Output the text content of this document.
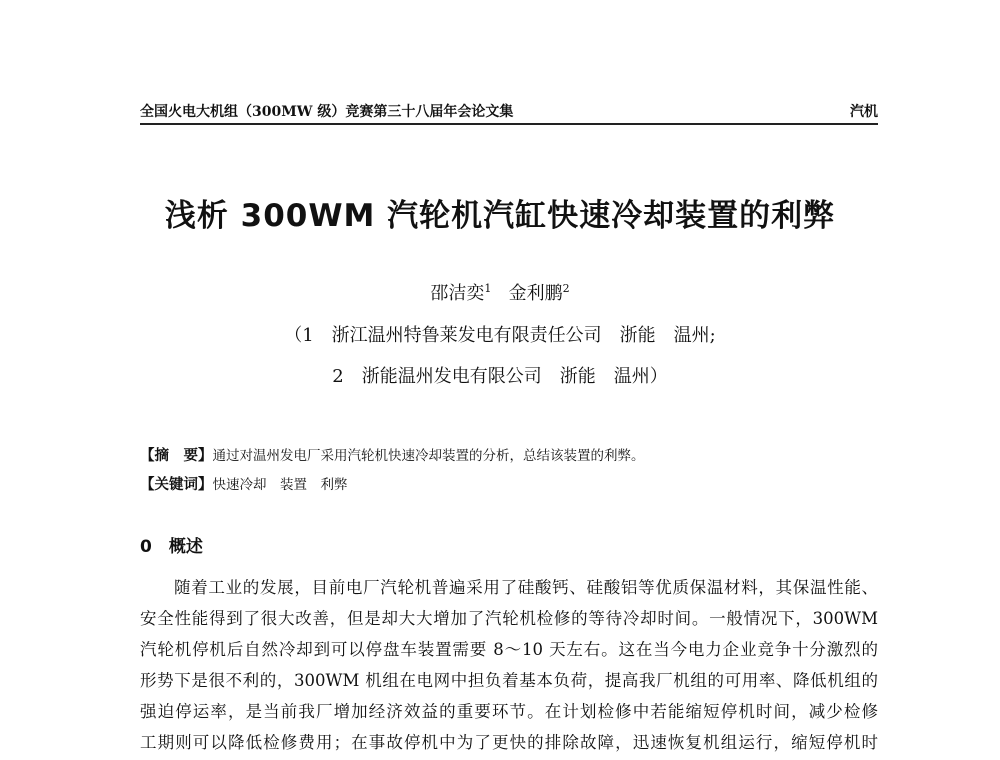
全国火电大机组（300MW 级）竞赛第三十八届年会论文集	汽机
浅析 300WM 汽轮机汽缸快速冷却装置的利弊
邵洁奕$^1$ 金利鹏$^2$
（1　浙江温州特鲁莱发电有限责任公司　浙能　温州;
2　浙能温州发电有限公司　浙能　温州）
【摘　要】通过对温州发电厂采用汽轮机快速冷却装置的分析，总结该装置的利弊。
【关键词】快速冷却　装置　利弊
0　概述
随着工业的发展，目前电厂汽轮机普遍采用了硅酸钙、硅酸铝等优质保温材料，其保温性能、
安全性能得到了很大改善，但是却大大增加了汽轮机检修的等待冷却时间。一般情况下，300WM
汽轮机停机后自然冷却到可以停盘车装置需要 8～10 天左右。这在当今电力企业竞争十分激烈的
形势下是很不利的，300WM 机组在电网中担负着基本负荷，提高我厂机组的可用率、降低机组的
强迫停运率，是当前我厂增加经济效益的重要环节。在计划检修中若能缩短停机时间，减少检修
工期则可以降低检修费用；在事故停机中为了更快的排除故障，迅速恢复机组运行，缩短停机时
